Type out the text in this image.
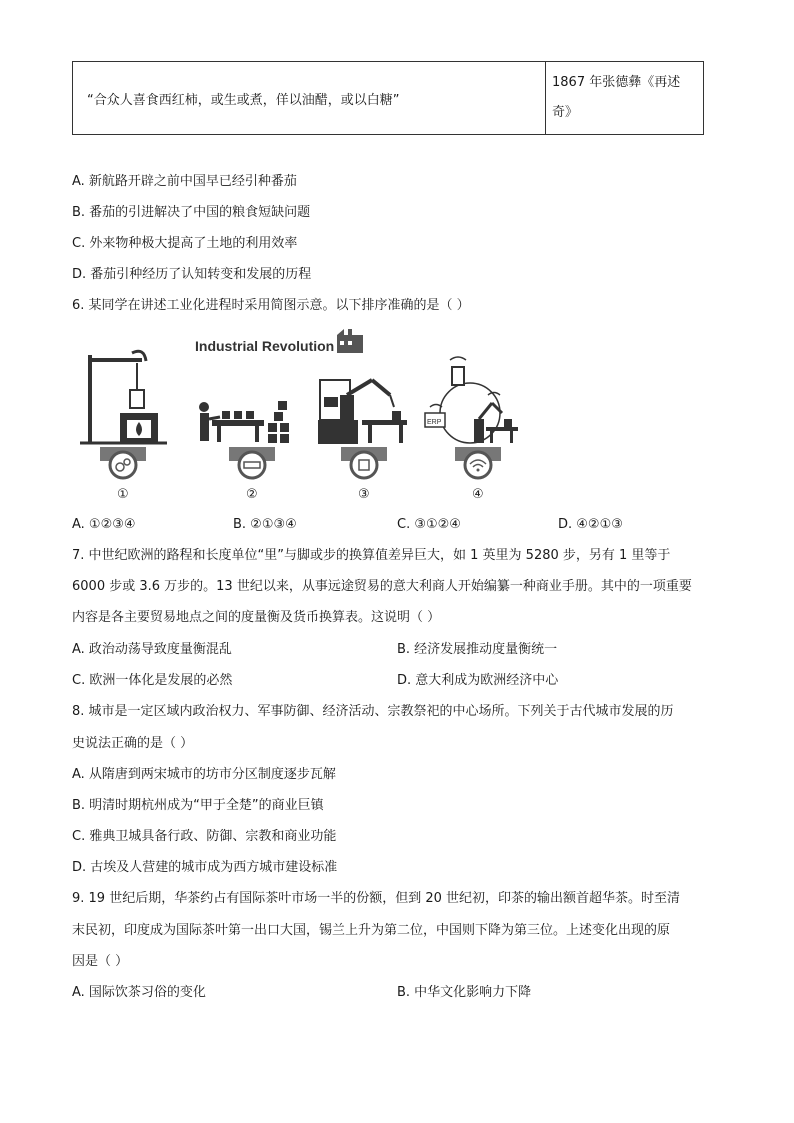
“合众人喜食西红柿，或生或煮，佯以油醋，或以白糖”	
1867 年张德彝《再述
奇》
A. 新航路开辟之前中国早已经引种番茄
B. 番茄的引进解决了中国的粮食短缺问题
C. 外来物种极大提高了土地的利用效率
D. 番茄引种经历了认知转变和发展的历程
6. 某同学在讲述工业化进程时采用简图示意。以下排序准确的是（ ）
Industrial Revolution
ERP
①	②	③	④
A. ①②③④	B. ②①③④	C. ③①②④	D. ④②①③
7. 中世纪欧洲的路程和长度单位“里”与脚或步的换算值差异巨大，如 1 英里为 5280 步，另有 1 里等于
6000 步或 3.6 万步的。13 世纪以来，从事远途贸易的意大利商人开始编纂一种商业手册。其中的一项重要
内容是各主要贸易地点之间的度量衡及货币换算表。这说明（ ）
A. 政治动荡导致度量衡混乱	B. 经济发展推动度量衡统一
C. 欧洲一体化是发展的必然	D. 意大利成为欧洲经济中心
8. 城市是一定区域内政治权力、军事防御、经济活动、宗教祭祀的中心场所。下列关于古代城市发展的历
史说法正确的是（ ）
A. 从隋唐到两宋城市的坊市分区制度逐步瓦解
B. 明清时期杭州成为“甲于全楚”的商业巨镇
C. 雅典卫城具备行政、防御、宗教和商业功能
D. 古埃及人营建的城市成为西方城市建设标准
9. 19 世纪后期，华茶约占有国际茶叶市场一半的份额，但到 20 世纪初，印茶的输出额首超华茶。时至清
末民初，印度成为国际茶叶第一出口大国，锡兰上升为第二位，中国则下降为第三位。上述变化出现的原
因是（ ）
A. 国际饮茶习俗的变化	B. 中华文化影响力下降
